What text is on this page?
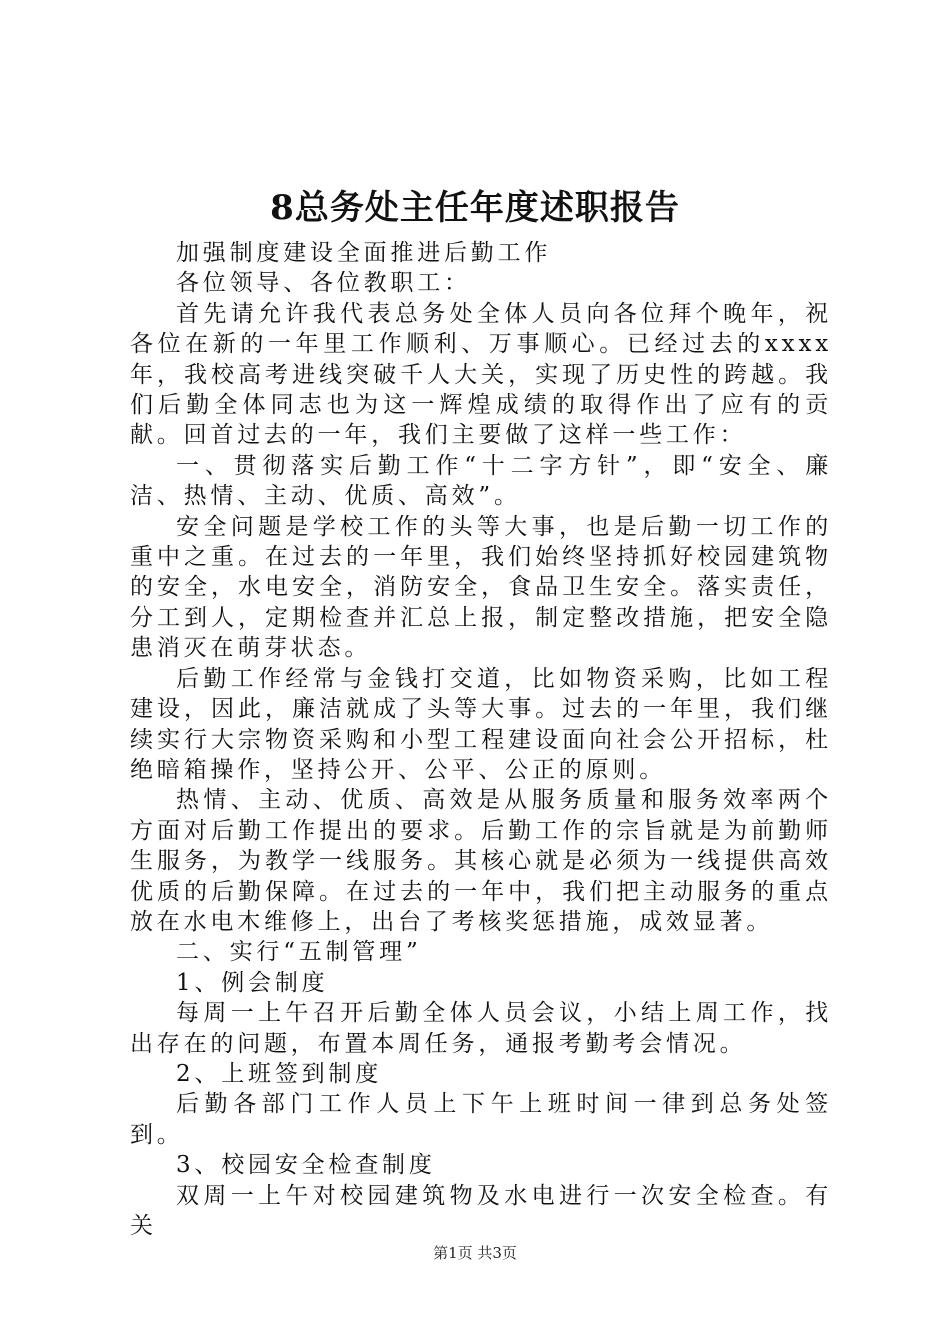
8总务处主任年度述职报告

加强制度建设全面推进后勤工作

各位领导、各位教职工：

首先请允许我代表总务处全体人员向各位拜个晚年，祝各位在新的一年里工作顺利、万事顺心。已经过去的xxxx年，我校高考进线突破千人大关，实现了历史性的跨越。我们后勤全体同志也为这一辉煌成绩的取得作出了应有的贡献。回首过去的一年，我们主要做了这样一些工作：

一、贯彻落实后勤工作“十二字方针”，即“安全、廉洁、热情、主动、优质、高效”。

安全问题是学校工作的头等大事，也是后勤一切工作的重中之重。在过去的一年里，我们始终坚持抓好校园建筑物的安全，水电安全，消防安全，食品卫生安全。落实责任，分工到人，定期检查并汇总上报，制定整改措施，把安全隐患消灭在萌芽状态。

后勤工作经常与金钱打交道，比如物资采购，比如工程建设，因此，廉洁就成了头等大事。过去的一年里，我们继续实行大宗物资采购和小型工程建设面向社会公开招标，杜绝暗箱操作，坚持公开、公平、公正的原则。

热情、主动、优质、高效是从服务质量和服务效率两个方面对后勤工作提出的要求。后勤工作的宗旨就是为前勤师生服务，为教学一线服务。其核心就是必须为一线提供高效优质的后勤保障。在过去的一年中，我们把主动服务的重点放在水电木维修上，出台了考核奖惩措施，成效显著。

二、实行“五制管理”

1、例会制度

每周一上午召开后勤全体人员会议，小结上周工作，找出存在的问题，布置本周任务，通报考勤考会情况。

2、上班签到制度

后勤各部门工作人员上下午上班时间一律到总务处签到。

3、校园安全检查制度

双周一上午对校园建筑物及水电进行一次安全检查。有关

第1页 共3页
